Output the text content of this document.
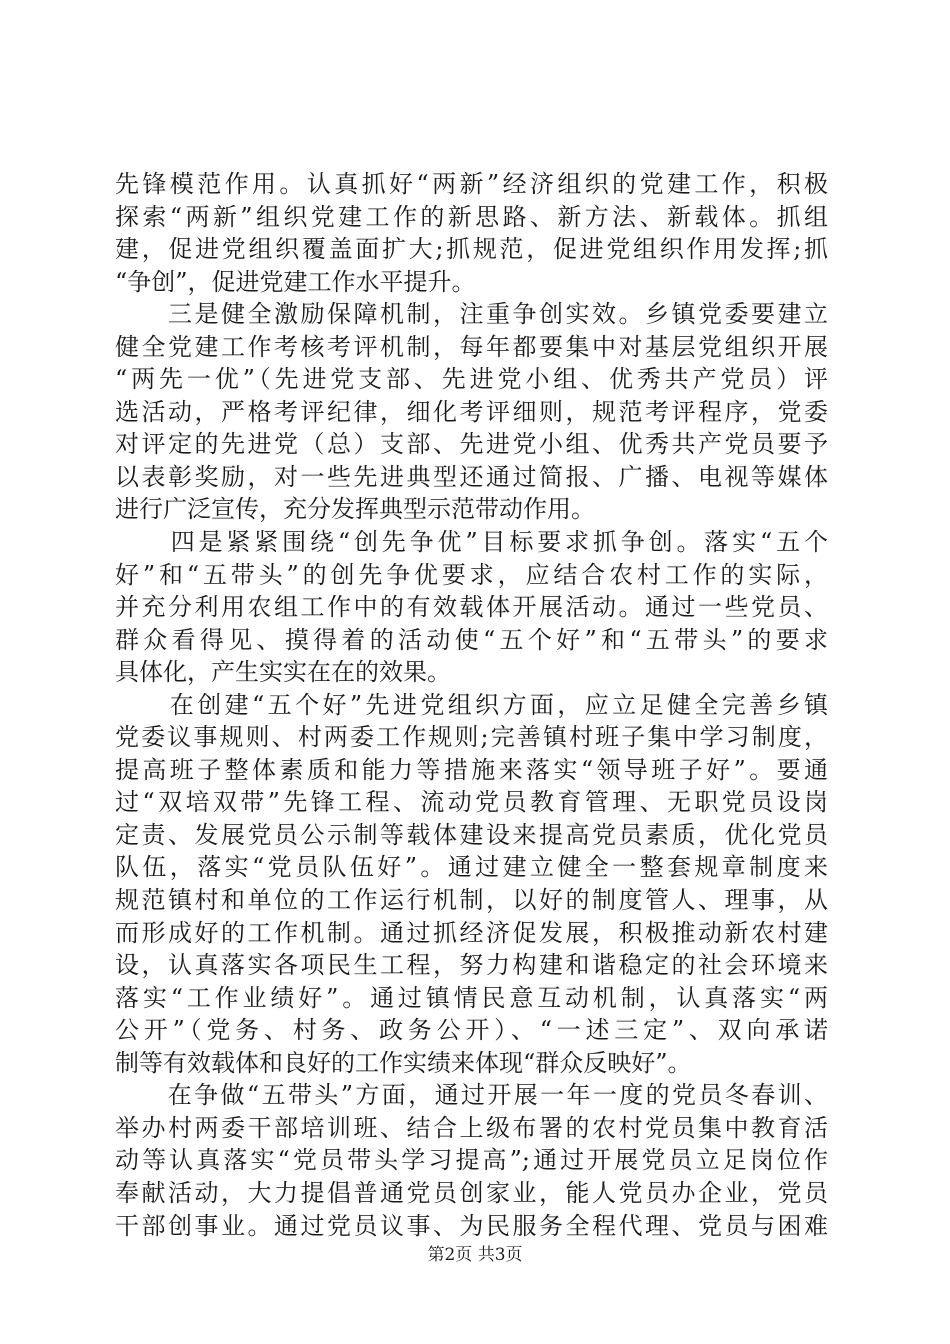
先锋模范作用。认真抓好“两新”经济组织的党建工作，积极
探索“两新”组织党建工作的新思路、新方法、新载体。抓组
建，促进党组织覆盖面扩大;抓规范，促进党组织作用发挥;抓
“争创”，促进党建工作水平提升。
　　三是健全激励保障机制，注重争创实效。乡镇党委要建立
健全党建工作考核考评机制，每年都要集中对基层党组织开展
“两先一优”（先进党支部、先进党小组、优秀共产党员）评
选活动，严格考评纪律，细化考评细则，规范考评程序，党委
对评定的先进党（总）支部、先进党小组、优秀共产党员要予
以表彰奖励，对一些先进典型还通过简报、广播、电视等媒体
进行广泛宣传，充分发挥典型示范带动作用。
　　四是紧紧围绕“创先争优”目标要求抓争创。落实“五个
好”和“五带头”的创先争优要求，应结合农村工作的实际，
并充分利用农组工作中的有效载体开展活动。通过一些党员、
群众看得见、摸得着的活动使“五个好”和“五带头”的要求
具体化，产生实实在在的效果。
　　在创建“五个好”先进党组织方面，应立足健全完善乡镇
党委议事规则、村两委工作规则;完善镇村班子集中学习制度，
提高班子整体素质和能力等措施来落实“领导班子好”。要通
过“双培双带”先锋工程、流动党员教育管理、无职党员设岗
定责、发展党员公示制等载体建设来提高党员素质，优化党员
队伍，落实“党员队伍好”。通过建立健全一整套规章制度来
规范镇村和单位的工作运行机制，以好的制度管人、理事，从
而形成好的工作机制。通过抓经济促发展，积极推动新农村建
设，认真落实各项民生工程，努力构建和谐稳定的社会环境来
落实“工作业绩好”。通过镇情民意互动机制，认真落实“两
公开”（党务、村务、政务公开）、“一述三定”、双向承诺
制等有效载体和良好的工作实绩来体现“群众反映好”。
　　在争做“五带头”方面，通过开展一年一度的党员冬春训、
举办村两委干部培训班、结合上级布署的农村党员集中教育活
动等认真落实“党员带头学习提高”;通过开展党员立足岗位作
奉献活动，大力提倡普通党员创家业，能人党员办企业，党员
干部创事业。通过党员议事、为民服务全程代理、党员与困难
第2页 共3页
